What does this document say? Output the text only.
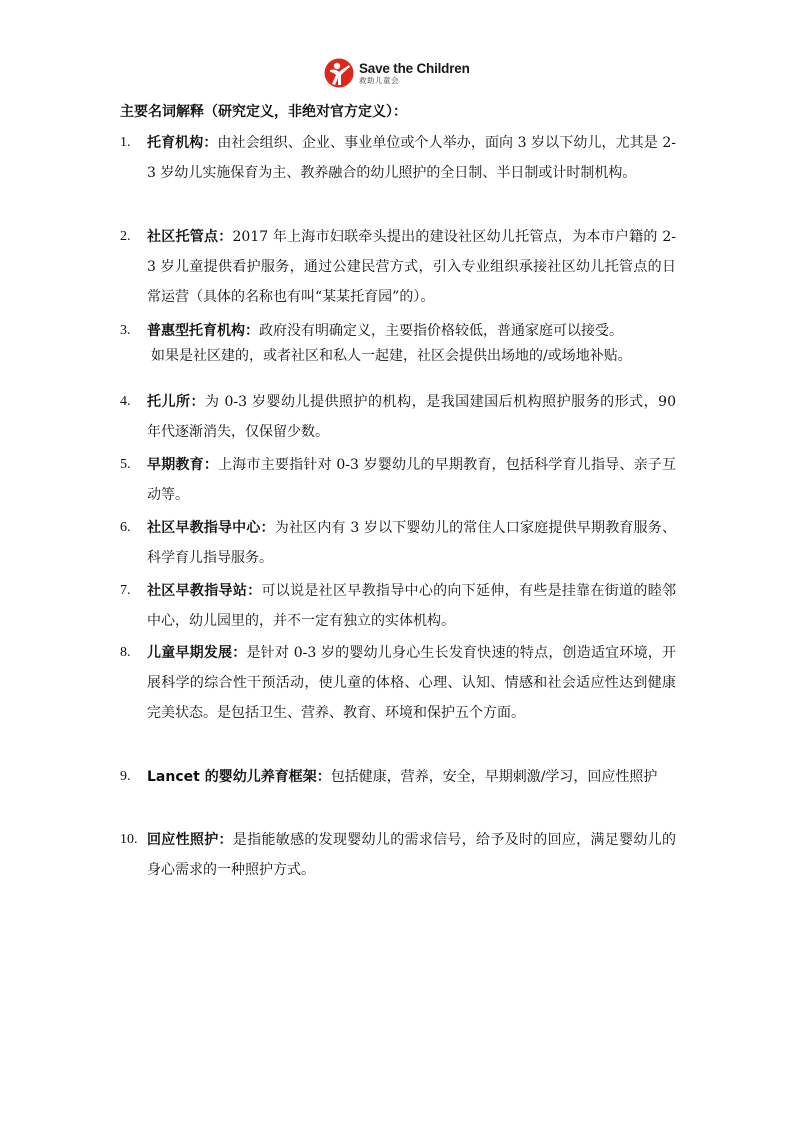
Save the Children
救助儿童会
主要名词解释（研究定义，非绝对官方定义）：
1.	托育机构：由社会组织、企业、事业单位或个人举办，面向 3 岁以下幼儿，尤其是 2-3 岁幼儿实施保育为主、教养融合的幼儿照护的全日制、半日制或计时制机构。
2.	社区托管点：2017 年上海市妇联牵头提出的建设社区幼儿托管点，为本市户籍的 2-3 岁儿童提供看护服务，通过公建民营方式，引入专业组织承接社区幼儿托管点的日常运营（具体的名称也有叫“某某托育园”的）。
3.	普惠型托育机构：政府没有明确定义，主要指价格较低，普通家庭可以接受。
如果是社区建的，或者社区和私人一起建，社区会提供出场地的/或场地补贴。
4.	托儿所：为 0-3 岁婴幼儿提供照护的机构，是我国建国后机构照护服务的形式，90 年代逐渐消失，仅保留少数。
5.	早期教育：上海市主要指针对 0-3 岁婴幼儿的早期教育，包括科学育儿指导、亲子互动等。
6.	社区早教指导中心：为社区内有 3 岁以下婴幼儿的常住人口家庭提供早期教育服务、科学育儿指导服务。
7.	社区早教指导站：可以说是社区早教指导中心的向下延伸，有些是挂靠在街道的睦邻中心，幼儿园里的，并不一定有独立的实体机构。
8.	儿童早期发展：是针对 0-3 岁的婴幼儿身心生长发育快速的特点，创造适宜环境，开展科学的综合性干预活动，使儿童的体格、心理、认知、情感和社会适应性达到健康完美状态。是包括卫生、营养、教育、环境和保护五个方面。
9.	Lancet 的婴幼儿养育框架：包括健康，营养，安全，早期刺激/学习，回应性照护
10. 回应性照护：是指能敏感的发现婴幼儿的需求信号，给予及时的回应，满足婴幼儿的身心需求的一种照护方式。
